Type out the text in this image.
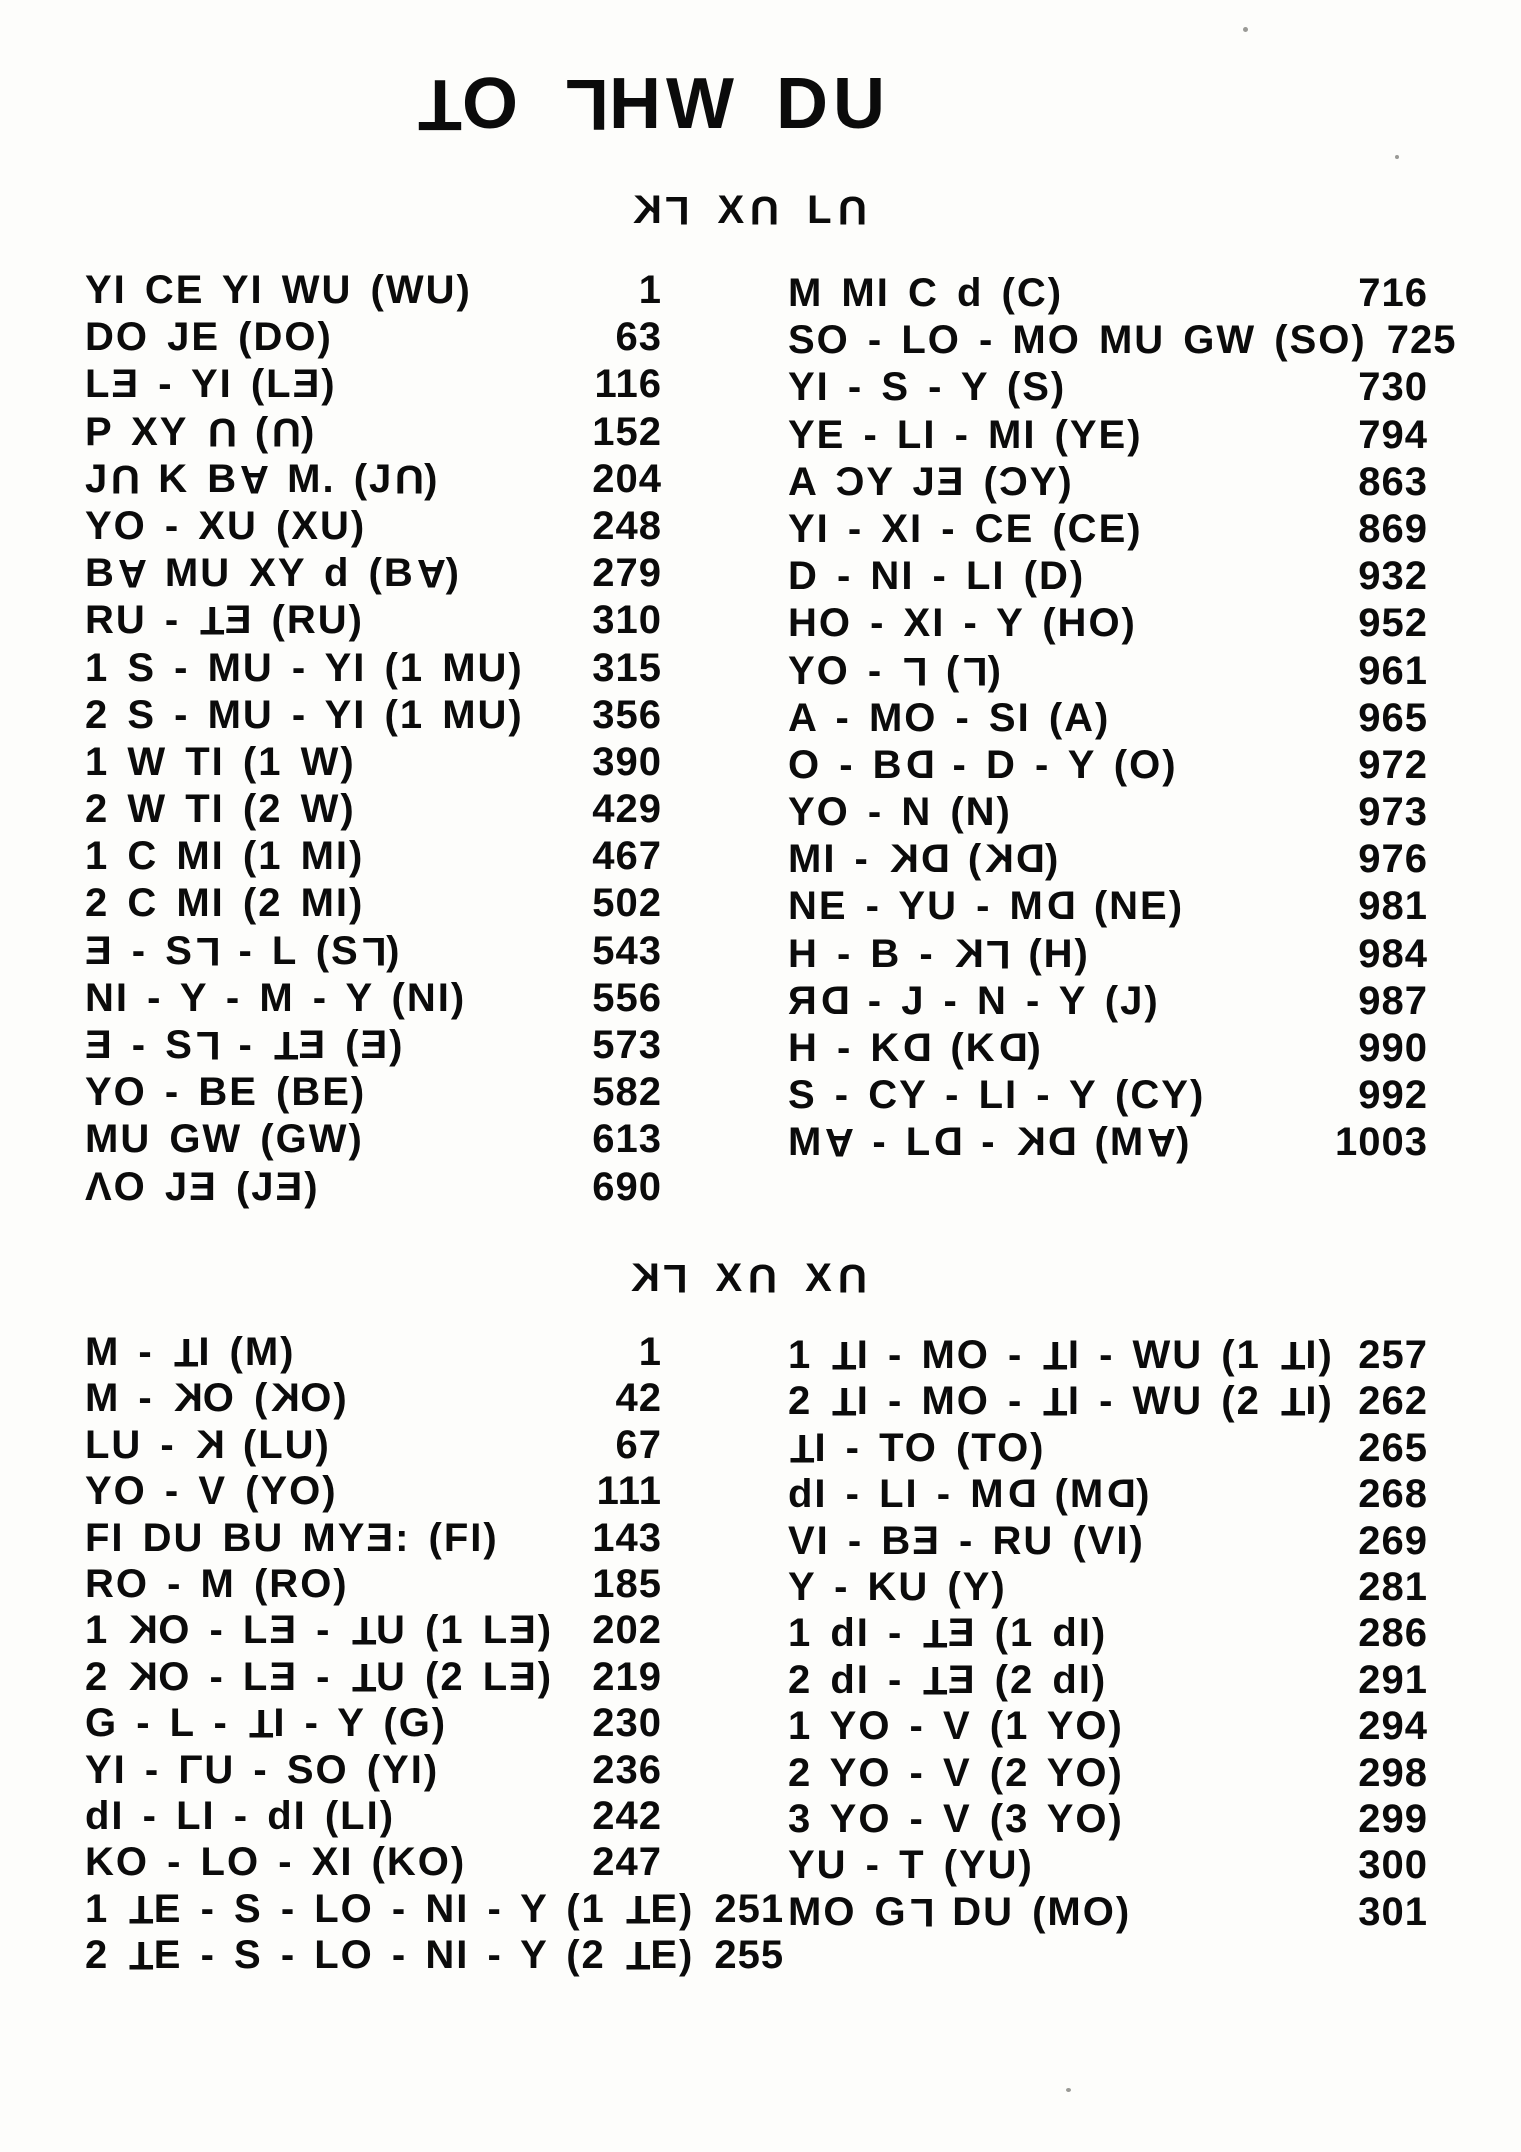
TO LHW DU
KL XU LU
YI CE YI WU (WU)	1
DO JE (DO)	63
LƎ - YI (LƎ)	116
P XY U (U)	152
JU K BA M. (JU)	204
YO - XU (XU)	248
BA MU XY d (BA)	279
RU - TƎ (RU)	310
1 S - MU - YI (1 MU) 315
2 S - MU - YI (1 MU) 356
1 W TI (1 W)	390
2 W TI (2 W)	429
1 C MI (1 MI)	467
2 C MI (2 MI)	502
Ǝ - SL - L (SL)	543
NI - Y - M - Y (NI)	556
Ǝ - SL - TƎ (Ǝ)	573
YO - BE (BE)	582
MU GW (GW)	613
ΛO JƎ (JƎ)	690
M MI C d (C)	716
SO - LO - MO MU GW (SO) 725
YI - S - Y (S)	730
YE - LI - MI (YE)	794
A ƆY JƎ (ƆY)	863
YI - XI - CE (CE)	869
D - NI - LI (D)	932
HO - XI - Y (HO)	952
YO - L (L)	961
A - MO - SI (A)	965
O - BD - D - Y (O)	972
YO - N (N)	973
MI - KD (KD)	976
NE - YU - MD (NE)	981
H - B - KL (H)	984
ЯD - J - N - Y (J)	987
H - KD (KD)	990
S - CY - LI - Y (CY)	992
MA - LD - KD (MA)	1003
KL XU XU
M - TI (M)	1
M - KO (KO)	42
LU - K (LU)	67
YO - V (YO)	111
FI DU BU MYƎ: (FI) 143
RO - M (RO)	185
1 KO - LƎ - TU (1 LƎ) 202
2 KO - LƎ - TU (2 LƎ) 219
G - L - TI - Y (G)	230
YI - ΓU - SO (YI)	236
dI - LI - dI (LI)	242
KO - LO - XI (KO)	247
1 TE - S - LO - NI - Y (1 TE) 251
2 TE - S - LO - NI - Y (2 TE) 255
1 TI - MO - TI - WU (1 TI) 257
2 TI - MO - TI - WU (2 TI) 262
TI - TO (TO)	265
dI - LI - MD (MD)	268
VI - BƎ - RU (VI)	269
Y - KU (Y)	281
1 dI - TƎ (1 dI)	286
2 dI - TƎ (2 dI)	291
1 YO - V (1 YO)	294
2 YO - V (2 YO)	298
3 YO - V (3 YO)	299
YU - T (YU)	300
MO GL DU (MO)	301
